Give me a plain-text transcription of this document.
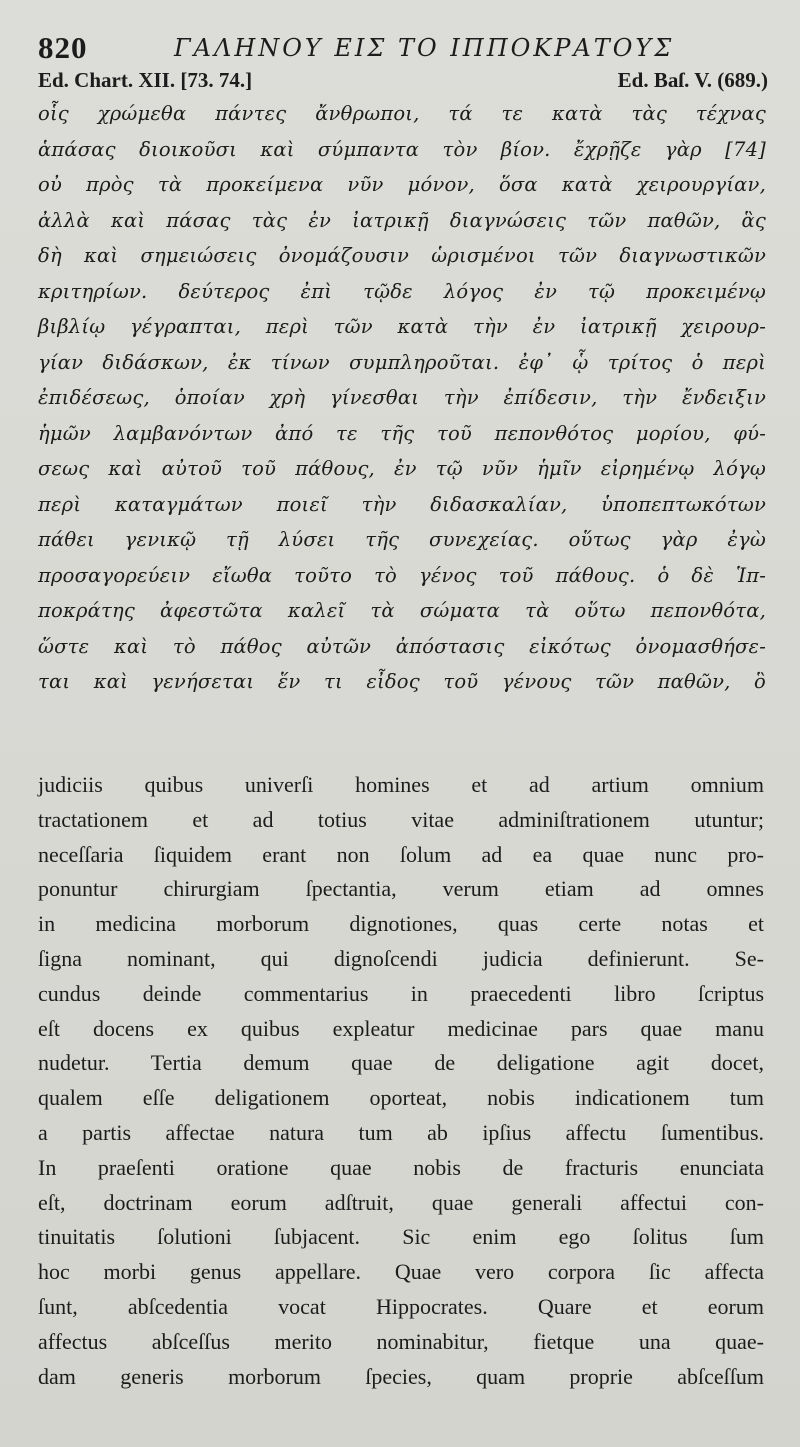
820	ΓΑΛΗΝΟΥ ΕΙΣ ΤΟ ΙΠΠΟΚΡΑΤΟΥΣ
Ed. Chart. XII. [73. 74.]	Ed. Baſ. V. (689.)
οἷς χρώμεθα πάντες ἄνθρωποι, τά τε κατὰ τὰς τέχνας
ἁπάσας διοικοῦσι καὶ σύμπαντα τὸν βίον. ἔχρῇζε γὰρ [74]
οὐ πρὸς τὰ προκείμενα νῦν μόνον, ὅσα κατὰ χειρουργίαν,
ἀλλὰ καὶ πάσας τὰς ἐν ἰατρικῇ διαγνώσεις τῶν παθῶν, ἃς
δὴ καὶ σημειώσεις ὀνομάζουσιν ὡρισμένοι τῶν διαγνωστικῶν
κριτηρίων. δεύτερος ἐπὶ τῷδε λόγος ἐν τῷ προκειμένῳ
βιβλίῳ γέγραπται, περὶ τῶν κατὰ τὴν ἐν ἰατρικῇ χειρουρ-
γίαν διδάσκων, ἐκ τίνων συμπληροῦται. ἐφ᾽ ᾧ τρίτος ὁ περὶ
ἐπιδέσεως, ὁποίαν χρὴ γίνεσθαι τὴν ἐπίδεσιν, τὴν ἔνδειξιν
ἡμῶν λαμβανόντων ἀπό τε τῆς τοῦ πεπονθότος μορίου, φύ-
σεως καὶ αὐτοῦ τοῦ πάθους, ἐν τῷ νῦν ἡμῖν εἰρημένῳ λόγῳ
περὶ καταγμάτων ποιεῖ τὴν διδασκαλίαν, ὑποπεπτωκότων
πάθει γενικῷ τῇ λύσει τῆς συνεχείας. οὕτως γὰρ ἐγὼ
προσαγορεύειν εἴωθα τοῦτο τὸ γένος τοῦ πάθους. ὁ δὲ Ἱπ-
ποκράτης ἀφεστῶτα καλεῖ τὰ σώματα τὰ οὕτω πεπονθότα,
ὥστε καὶ τὸ πάθος αὐτῶν ἀπόστασις εἰκότως ὀνομασθήσε-
ται καὶ γενήσεται ἕν τι εἶδος τοῦ γένους τῶν παθῶν, ὃ
judiciis quibus univerſi homines et ad artium omnium
tractationem et ad totius vitae adminiſtrationem utuntur;
neceſſaria ſiquidem erant non ſolum ad ea quae nunc pro-
ponuntur chirurgiam ſpectantia, verum etiam ad omnes
in medicina morborum dignotiones, quas certe notas et
ſigna nominant, qui dignoſcendi judicia definierunt. Se-
cundus deinde commentarius in praecedenti libro ſcriptus
eſt docens ex quibus expleatur medicinae pars quae manu
nudetur. Tertia demum quae de deligatione agit docet,
qualem eſſe deligationem oporteat, nobis indicationem tum
a partis affectae natura tum ab ipſius affectu ſumentibus.
In praeſenti oratione quae nobis de fracturis enunciata
eſt, doctrinam eorum adſtruit, quae generali affectui con-
tinuitatis ſolutioni ſubjacent. Sic enim ego ſolitus ſum
hoc morbi genus appellare. Quae vero corpora ſic affecta
ſunt, abſcedentia vocat Hippocrates. Quare et eorum
affectus abſceſſus merito nominabitur, fietque una quae-
dam generis morborum ſpecies, quam proprie abſceſſum
